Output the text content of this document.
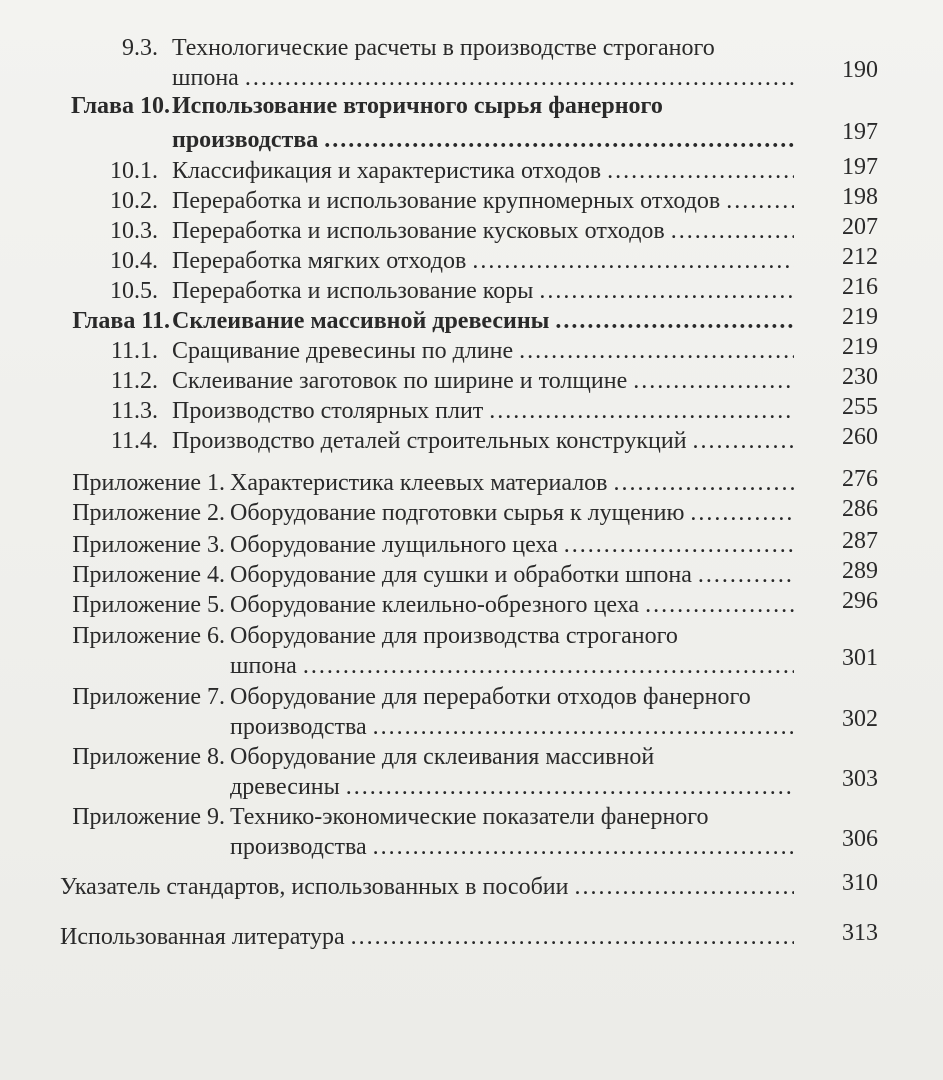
9.3. Технологические расчеты в производстве строганого
шпона .....	190
Глава 10. Использование вторичного сырья фанерного
производства .....	197
10.1. Классификация и характеристика отходов .....	197
10.2. Переработка и использование крупномерных отходов .....	198
10.3. Переработка и использование кусковых отходов .....	207
10.4. Переработка мягких отходов .....	212
10.5. Переработка и использование коры .....	216
Глава 11. Склеивание массивной древесины .....	219
11.1. Сращивание древесины по длине .....	219
11.2. Склеивание заготовок по ширине и толщине .....	230
11.3. Производство столярных плит .....	255
11.4. Производство деталей строительных конструкций .....	260
Приложение 1. Характеристика клеевых материалов .....	276
Приложение 2. Оборудование подготовки сырья к лущению .....	286
Приложение 3. Оборудование лущильного цеха .....	287
Приложение 4. Оборудование для сушки и обработки шпона .....	289
Приложение 5. Оборудование клеильно-обрезного цеха .....	296
Приложение 6. Оборудование для производства строганого
шпона .....	301
Приложение 7. Оборудование для переработки отходов фанерного
производства .....	302
Приложение 8. Оборудование для склеивания массивной
древесины .....	303
Приложение 9. Технико-экономические показатели фанерного
производства .....	306
Указатель стандартов, использованных в пособии .....	310
Использованная литература .....	313
